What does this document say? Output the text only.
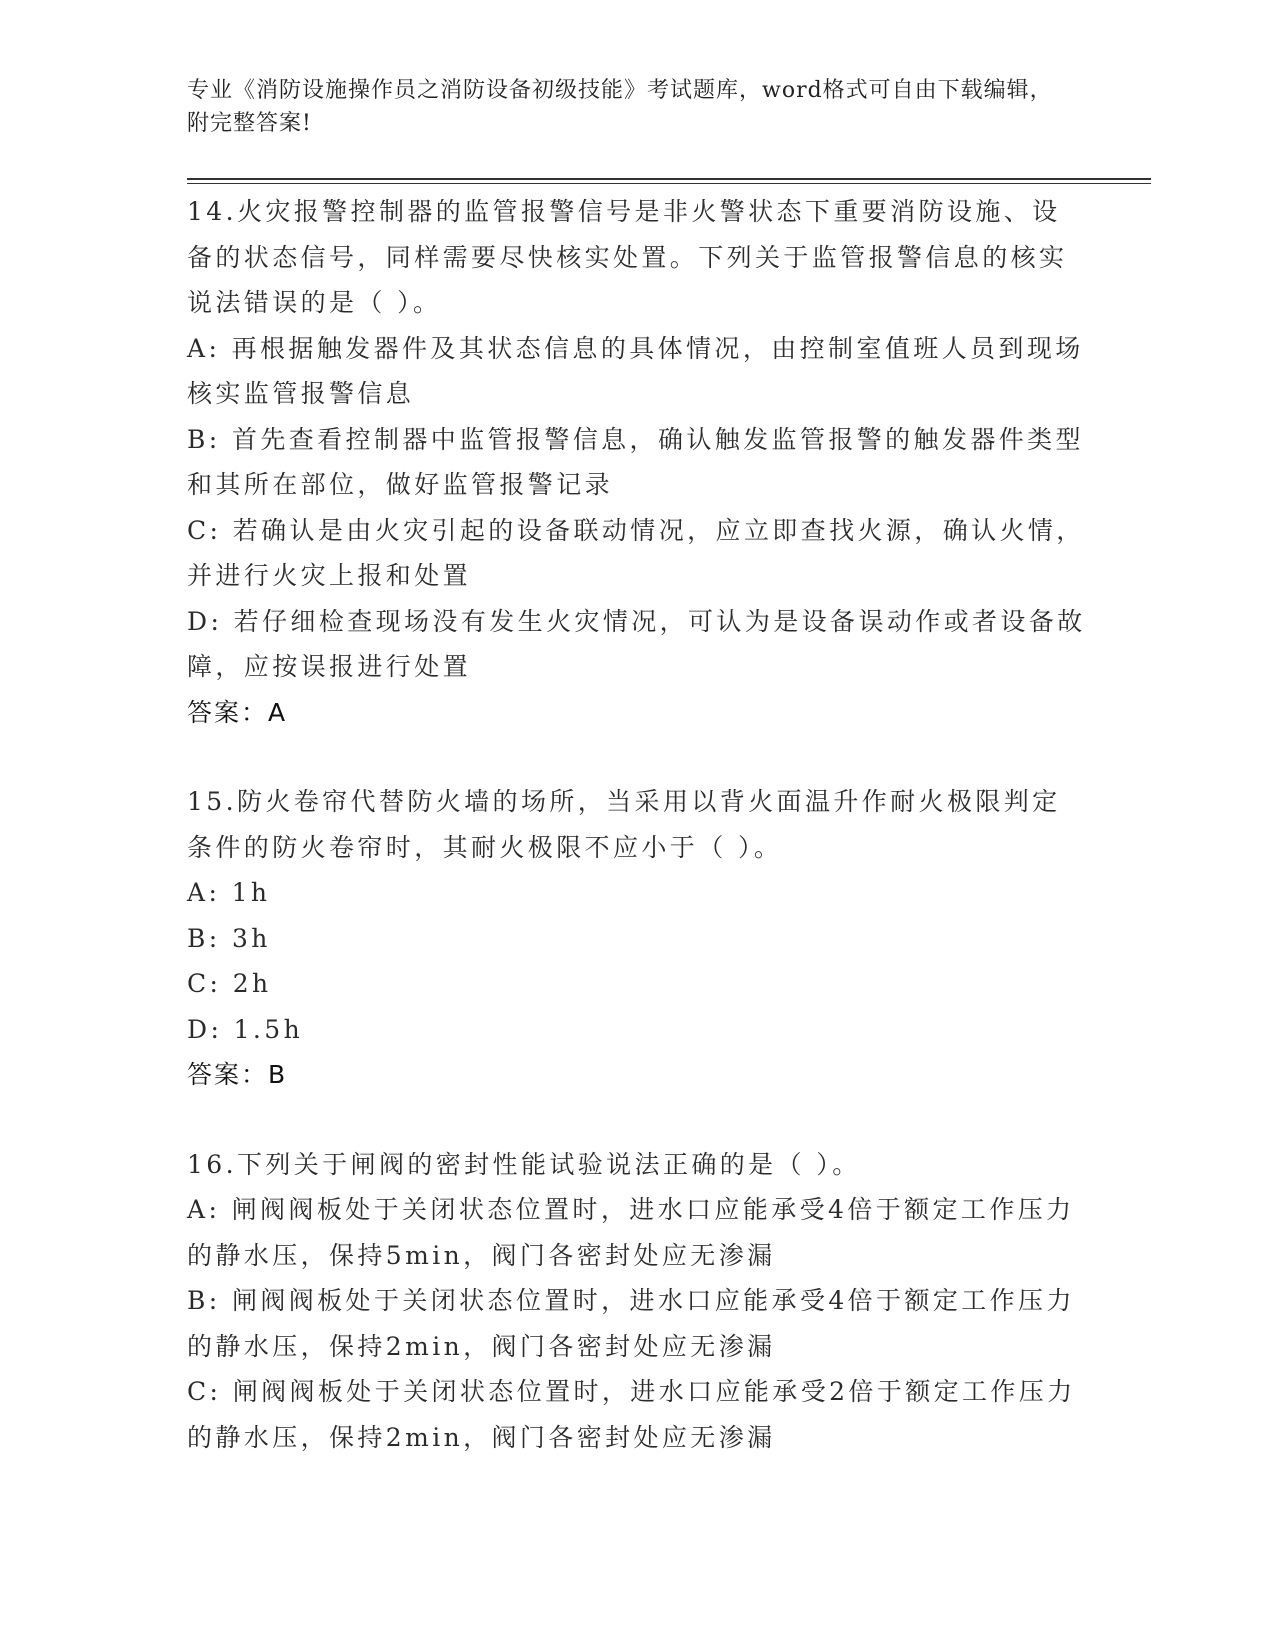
专业《消防设施操作员之消防设备初级技能》考试题库，word格式可自由下载编辑，附完整答案!

14.火灾报警控制器的监管报警信号是非火警状态下重要消防设施、设备的状态信号，同样需要尽快核实处置。下列关于监管报警信息的核实说法错误的是（ ）。

A: 再根据触发器件及其状态信息的具体情况，由控制室值班人员到现场核实监管报警信息

B: 首先查看控制器中监管报警信息，确认触发监管报警的触发器件类型和其所在部位，做好监管报警记录

C: 若确认是由火灾引起的设备联动情况，应立即查找火源，确认火情，并进行火灾上报和处置

D: 若仔细检查现场没有发生火灾情况，可认为是设备误动作或者设备故障，应按误报进行处置

答案：A

15.防火卷帘代替防火墙的场所，当采用以背火面温升作耐火极限判定条件的防火卷帘时，其耐火极限不应小于（ ）。

A: 1h

B: 3h

C: 2h

D: 1.5h

答案：B

16.下列关于闸阀的密封性能试验说法正确的是（ ）。

A: 闸阀阀板处于关闭状态位置时，进水口应能承受4倍于额定工作压力的静水压，保持5min，阀门各密封处应无渗漏

B: 闸阀阀板处于关闭状态位置时，进水口应能承受4倍于额定工作压力的静水压，保持2min，阀门各密封处应无渗漏

C: 闸阀阀板处于关闭状态位置时，进水口应能承受2倍于额定工作压力的静水压，保持2min，阀门各密封处应无渗漏
